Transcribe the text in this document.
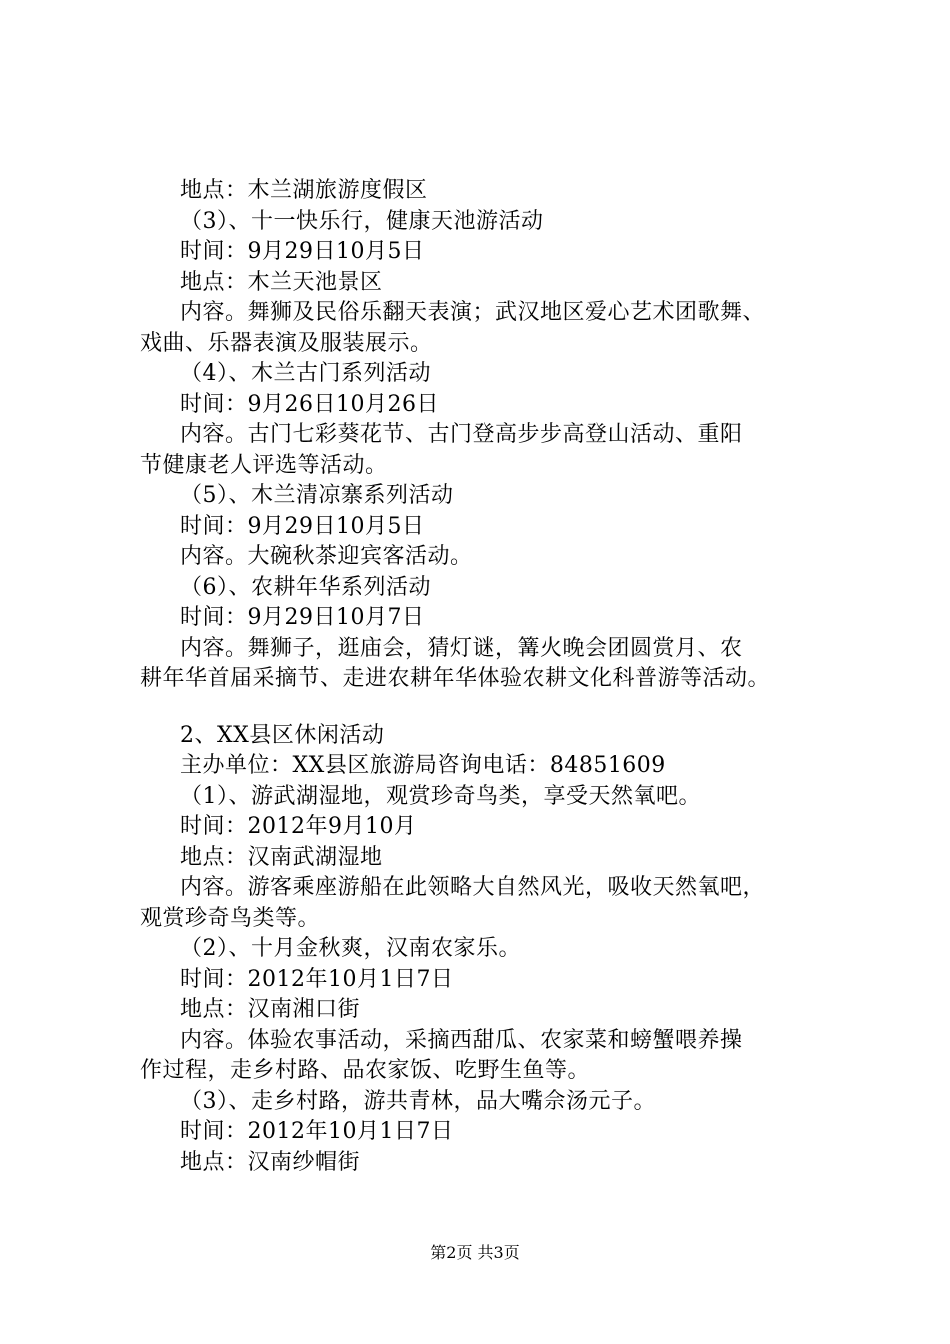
地点：木兰湖旅游度假区
（3）、十一快乐行，健康天池游活动
时间：9月29日10月5日
地点：木兰天池景区
内容。舞狮及民俗乐翻天表演；武汉地区爱心艺术团歌舞、
戏曲、乐器表演及服装展示。
（4）、木兰古门系列活动
时间：9月26日10月26日
内容。古门七彩葵花节、古门登高步步高登山活动、重阳
节健康老人评选等活动。
（5）、木兰清凉寨系列活动
时间：9月29日10月5日
内容。大碗秋茶迎宾客活动。
（6）、农耕年华系列活动
时间：9月29日10月7日
内容。舞狮子，逛庙会，猜灯谜，篝火晚会团圆赏月、农
耕年华首届采摘节、走进农耕年华体验农耕文化科普游等活动。
2、XX县区休闲活动
主办单位：XX县区旅游局咨询电话：84851609
（1）、游武湖湿地，观赏珍奇鸟类，享受天然氧吧。
时间：2012年9月10月
地点：汉南武湖湿地
内容。游客乘座游船在此领略大自然风光，吸收天然氧吧，
观赏珍奇鸟类等。
（2）、十月金秋爽，汉南农家乐。
时间：2012年10月1日7日
地点：汉南湘口街
内容。体验农事活动，采摘西甜瓜、农家菜和螃蟹喂养操
作过程，走乡村路、品农家饭、吃野生鱼等。
（3）、走乡村路，游共青林，品大嘴佘汤元子。
时间：2012年10月1日7日
地点：汉南纱帽街
第2页 共3页
